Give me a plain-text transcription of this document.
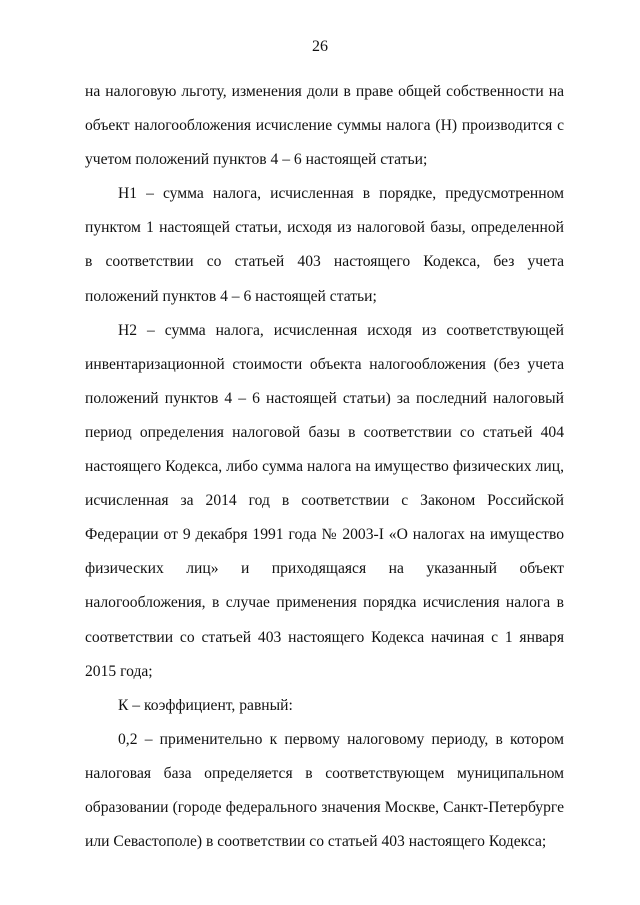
26

на налоговую льготу, изменения доли в праве общей собственности на объект налогообложения исчисление суммы налога (Н) производится с учетом положений пунктов 4 – 6 настоящей статьи;

Н1 – сумма налога, исчисленная в порядке, предусмотренном пунктом 1 настоящей статьи, исходя из налоговой базы, определенной в соответствии со статьей 403 настоящего Кодекса, без учета положений пунктов 4 – 6 настоящей статьи;

Н2 – сумма налога, исчисленная исходя из соответствующей инвентаризационной стоимости объекта налогообложения (без учета положений пунктов 4 – 6 настоящей статьи) за последний налоговый период определения налоговой базы в соответствии со статьей 404 настоящего Кодекса, либо сумма налога на имущество физических лиц, исчисленная за 2014 год в соответствии с Законом Российской Федерации от 9 декабря 1991 года № 2003-I «О налогах на имущество физических лиц» и приходящаяся на указанный объект налогообложения, в случае применения порядка исчисления налога в соответствии со статьей 403 настоящего Кодекса начиная с 1 января 2015 года;

К – коэффициент, равный:

0,2 – применительно к первому налоговому периоду, в котором налоговая база определяется в соответствующем муниципальном образовании (городе федерального значения Москве, Санкт-Петербурге или Севастополе) в соответствии со статьей 403 настоящего Кодекса;
